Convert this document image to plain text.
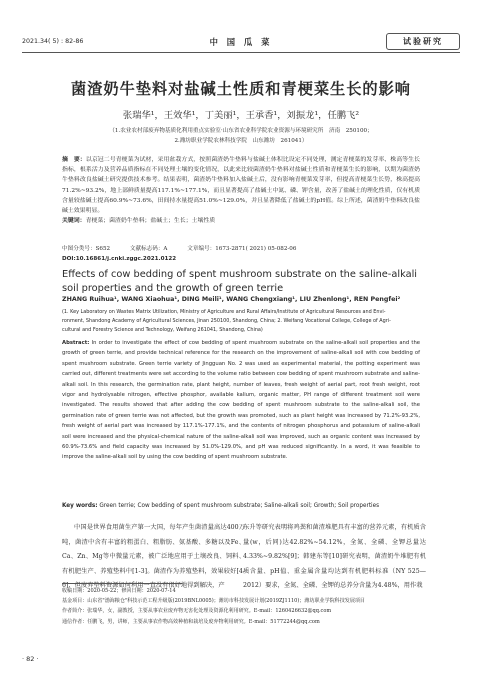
2021.34( 5) : 82-86	中 国 瓜 菜	试验研究
菌渣奶牛垫料对盐碱土性质和青梗菜生长的影响
张瑞华¹，王效华¹，丁美丽¹，王承香¹，刘振龙¹，任鹏飞²
（1.农业农村部废弃物基质化利用重点实验室·山东省农业科学院农业资源与环境研究所　济南　250100；
2.潍坊职业学院农林科技学院　山东潍坊　261041）
摘　要：以京冠二号青梗菜为试材，采用盆栽方式，按照菌渣奶牛垫料与盐碱土体积比设定不同处理，测定青梗菜的发芽率、株高等生长指标，根系活力及营养品质指标在不同处理土壤的变化情况，以此来比较菌渣奶牛垫料对盐碱土性质和青梗菜生长的影响，以期为菌渣奶牛垫料改良盐碱土研究提供技术参考。结果表明，菌渣奶牛垫料加入盐碱土后，没有影响青梗菜发芽率，但提高青梗菜生长势，株高提高71.2%~93.2%，地上部鲜质量提高117.1%~177.1%，而且显著提高了盐碱土中氮、磷、钾含量，改善了盐碱土的理化性质，仅有机质含量较盐碱土提高60.9%~73.6%，田间持水量提高51.0%~129.0%，并且显著降低了盐碱土的pH值。综上所述，菌渣奶牛垫料改良盐碱土效果明显。
关键词：青梗菜；菌渣奶牛垫料；盐碱土；生长；土壤性质
中图分类号：S652	文献标志码：A	文章编号：1673-2871( 2021) 05-082-06
DOI:10.16861/j.cnki.zggc.2021.0122
Effects of cow bedding of spent mushroom substrate on the saline-alkali soil properties and the growth of green terrie
ZHANG Ruihua¹, WANG Xiaohua¹, DING Meili¹, WANG Chengxiang¹, LIU Zhenlong¹, REN Pengfei²
(1. Key Laboratory on Wastes Matrix Utilization, Ministry of Agriculture and Rural Affairs/Institute of Agricultural Resources and Envi-
ronment, Shandong Academy of Agricultural Sciences, Jinan 250100, Shandong, China; 2. Weifang Vocational College, College of Agri-
cultural and Forestry Science and Technology, Weifang 261041, Shandong, China)
Abstract: In order to investigate the effect of cow bedding of spent mushroom substrate on the saline-alkali soil properties and the growth of green terrie, and provide technical reference for the research on the improvement of saline-alkali soil with cow bedding of spent mushroom substrate. Green terrie variety of Jingguan No. 2 was used as experimental material, the potting experiment was carried out, different treatments were set according to the volume ratio between cow bedding of spent mushroom substrate and saline-alkali soil. In this research, the germination rate, plant height, number of leaves, fresh weight of aerial part, root fresh weight, root vigor and hydrolysable nitrogen, effective phosphor, available kalium, organic matter, PH range of different treatment soil were investigated. The results showed that after adding the cow bedding of spent mushroom substrate to the saline-alkali soil, the germination rate of green terrie was not affected, but the growth was promoted, such as plant height was increased by 71.2%-93.2%, fresh weight of aerial part was increased by 117.1%-177.1%, and the contents of nitrogen phosphorus and potassium of saline-alkali soil were increased and the physical-chemical nature of the saline-alkali soil was improved, such as organic content was increased by 60.9%-73.6% and field capacity was increased by 51.0%-129.0%, and pH was reduced significantly. In a word, it was feasible to improve the saline-alkali soil by using the cow bedding of spent mushroom substrate.
Key words: Green terrie; Cow bedding of spent mushroom substrate; Saline-alkali soil; Growth; Soil properties
中国是世界食用菌生产第一大国，每年产生菌渣量高达400万吨，菌渣中含有丰富的粗蛋白、粗脂肪、氨基酸、多糖以及Fe、Ca、Zn、Mg等中微量元素，被广泛地应用于土壤改良、饲料、有机肥生产、养殖垫料中[1-3]。菌渣作为养殖垫料，效果较好[4-6]，但废弃垫料资源如何利用一直没有很好地得到解决，产
东升等研究表明将鸡粪和菌渣堆肥具有丰富的营养元素，有机质含量(w，后同)达42.82%~54.12%，全氮、全磷、全钾总量达4.33%~9.82%[9]；韩建东等[10]研究表明，菌渣奶牛堆肥有机质含量、pH值、重金属含量均达到有机肥料标准（NY 525—2012）要求，全氮、全磷、全钾的总养分含量为4.48%，用作栽
收稿日期：2020-05-22；修回日期：2020-07-14
基金项目：山东省"渤海粮仓"科技示范工程升级版(2019BNL0005)；潍坊市科技发展计划(2019ZJ1110)；潍坊职业学院科技发展项目
作者简介：张瑞华，女，副教授，主要从事农业废弃物无害化处理及资源化利用研究。E-mail：1260426632@qq.com
通信作者：任鹏飞，男，讲师，主要从事农作物高效种植和栽培及废弃物利用研究。E-mail：51772244@qq.com
· 82 ·
